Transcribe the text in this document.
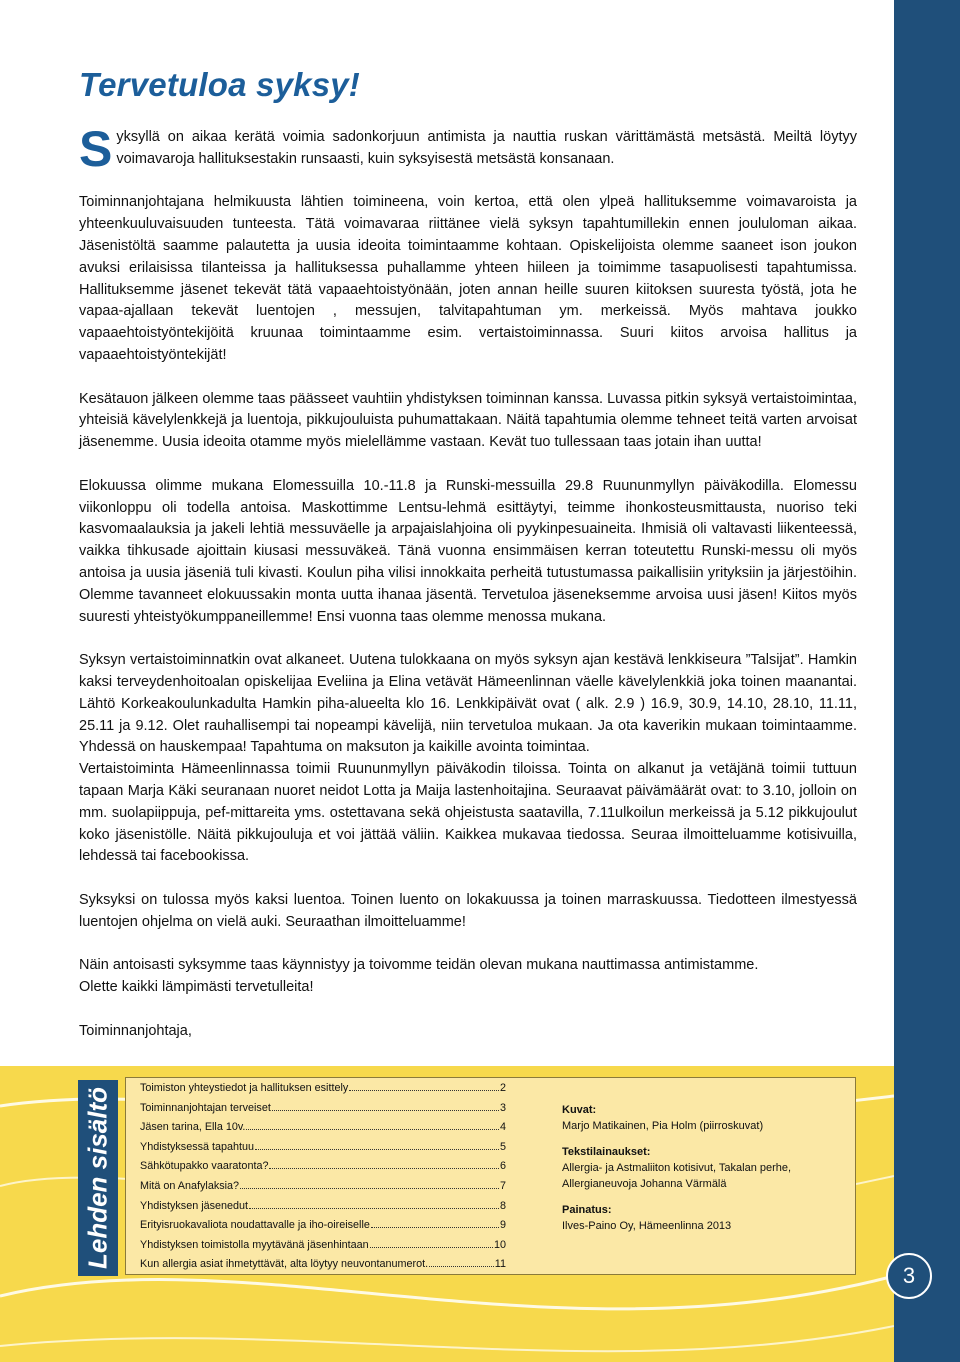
Tervetuloa syksy!

Syksyllä on aikaa kerätä voimia sadonkorjuun antimista ja nauttia ruskan värittämästä metsästä. Meiltä löytyy voimavaroja hallituksestakin runsaasti, kuin syksyisestä metsästä konsanaan.

Toiminnanjohtajana helmikuusta lähtien toimineena, voin kertoa, että olen ylpeä hallituksemme voimavaroista ja yhteenkuuluvaisuuden tunteesta. Tätä voimavaraa riittänee vielä syksyn tapahtumillekin ennen joululoman aikaa. Jäsenistöltä saamme palautetta ja uusia ideoita toimintaamme kohtaan. Opiskelijoista olemme saaneet ison joukon avuksi erilaisissa tilanteissa ja hallituksessa puhallamme yhteen hiileen ja toimimme tasapuolisesti tapahtumissa. Hallituksemme jäsenet tekevät tätä vapaaehtoistyönään, joten annan heille suuren kiitoksen suuresta työstä, jota he vapaa-ajallaan tekevät luentojen , messujen, talvitapahtuman ym. merkeissä. Myös mahtava joukko vapaaehtoistyöntekijöitä kruunaa toimintaamme esim. vertaistoiminnassa. Suuri kiitos arvoisa hallitus ja vapaaehtoistyöntekijät!

Kesätauon jälkeen olemme taas päässeet vauhtiin yhdistyksen toiminnan kanssa. Luvassa pitkin syksyä vertaistoimintaa, yhteisiä kävelylenkkejä ja luentoja, pikkujouluista puhumattakaan. Näitä tapahtumia olemme tehneet teitä varten arvoisat jäsenemme. Uusia ideoita otamme myös mielellämme vastaan. Kevät tuo tullessaan taas jotain ihan uutta!

Elokuussa olimme mukana Elomessuilla 10.-11.8 ja Runski-messuilla 29.8 Ruununmyllyn päiväkodilla. Elomessu viikonloppu oli todella antoisa. Maskottimme Lentsu-lehmä esittäytyi, teimme ihonkosteusmittausta, nuoriso teki kasvomaalauksia ja jakeli lehtiä messuväelle ja arpajaislahjoina oli pyykinpesuaineita. Ihmisiä oli valtavasti liikenteessä, vaikka tihkusade ajoittain kiusasi messuväkeä. Tänä vuonna ensimmäisen kerran toteutettu Runski-messu oli myös antoisa ja uusia jäseniä tuli kivasti. Koulun piha vilisi innokkaita perheitä tutustumassa paikallisiin yrityksiin ja järjestöihin. Olemme tavanneet elokuussakin monta uutta ihanaa jäsentä. Tervetuloa jäseneksemme arvoisa uusi jäsen! Kiitos myös suuresti yhteistyökumppaneillemme! Ensi vuonna taas olemme menossa mukana.

Syksyn vertaistoiminnatkin ovat alkaneet. Uutena tulokkaana on myös syksyn ajan kestävä lenkkiseura ”Talsijat”. Hamkin kaksi terveydenhoitoalan opiskelijaa Eveliina ja Elina vetävät Hämeenlinnan väelle kävelylenkkiä joka toinen maanantai. Lähtö Korkeakoulunkadulta Hamkin piha-alueelta klo 16. Lenkkipäivät ovat ( alk. 2.9 ) 16.9, 30.9, 14.10, 28.10, 11.11, 25.11 ja 9.12. Olet rauhallisempi tai nopeampi kävelijä, niin tervetuloa mukaan. Ja ota kaverikin mukaan toimintaamme. Yhdessä on hauskempaa! Tapahtuma on maksuton ja kaikille avointa toimintaa.

Vertaistoiminta Hämeenlinnassa toimii Ruununmyllyn päiväkodin tiloissa. Tointa on alkanut ja vetäjänä toimii tuttuun tapaan Marja Käki seuranaan nuoret neidot Lotta ja Maija lastenhoitajina. Seuraavat päivämäärät ovat: to 3.10, jolloin on mm. suolapiippuja, pef-mittareita yms. ostettavana sekä ohjeistusta saatavilla, 7.11ulkoilun merkeissä ja 5.12 pikkujoulut koko jäsenistölle. Näitä pikkujouluja et voi jättää väliin. Kaikkea mukavaa tiedossa. Seuraa ilmoitteluamme kotisivuilla, lehdessä tai facebookissa.

Syksyksi on tulossa myös kaksi luentoa. Toinen luento on lokakuussa ja toinen marraskuussa. Tiedotteen ilmestyessä luentojen ohjelma on vielä auki. Seuraathan ilmoitteluamme!

Näin antoisasti syksymme taas käynnistyy ja toivomme teidän olevan mukana nauttimassa antimistamme.

Olette kaikki lämpimästi tervetulleita!

Toiminnanjohtaja,

Lehden sisältö	Toimiston yhteystiedot ja hallituksen esittely	2
Toiminnanjohtajan terveiset	3
Jäsen tarina, Ella 10v.	4
Yhdistyksessä tapahtuu	5
Sähkötupakko vaaratonta?	6
Mitä on Anafylaksia?	7
Yhdistyksen jäsenedut	8
Erityisruokavaliota noudattavalle ja iho-oireiselle	9
Yhdistyksen toimistolla myytävänä jäsenhintaan	10
Kun allergia asiat ihmetyttävät, alta löytyy neuvontanumerot.	11
Kuvat:

Marjo Matikainen, Pia Holm (piirroskuvat)

Tekstilainaukset:

Allergia- ja Astmaliiton kotisivut, Takalan perhe, Allergianeuvoja Johanna Värmälä

Painatus:

Ilves-Paino Oy, Hämeenlinna 2013

3
